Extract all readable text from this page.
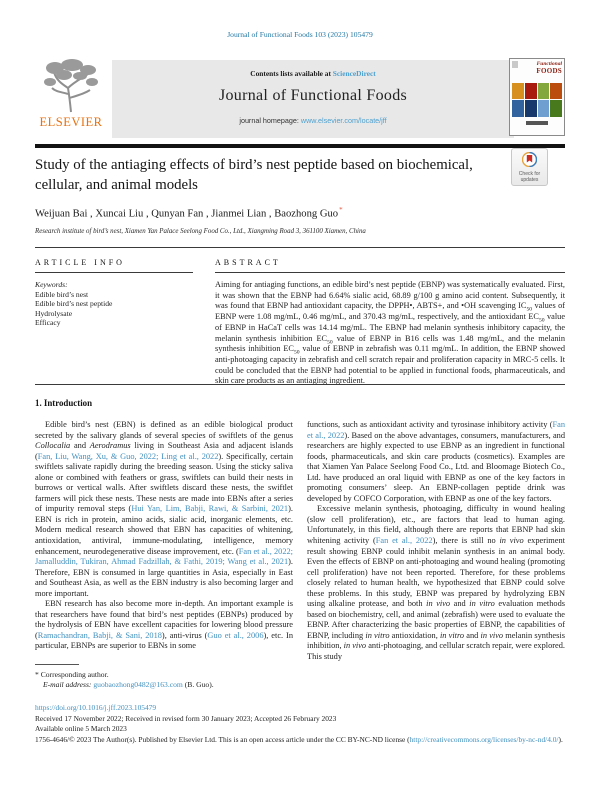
Journal of Functional Foods 103 (2023) 105479
ELSEVIER
Contents lists available at ScienceDirect
Journal of Functional Foods
journal homepage: www.elsevier.com/locate/jff
Functional
FOODS
Study of the antiaging effects of bird’s nest peptide based on biochemical, cellular, and animal models
Check for
updates
Weijuan Bai , Xuncai Liu , Qunyan Fan , Jianmei Lian , Baozhong Guo*
Research institute of bird’s nest, Xiamen Yan Palace Seelong Food Co., Ltd., Xiangming Road 3, 361100 Xiamen, China
ARTICLE INFO
Keywords:
Edible bird’s nest
Edible bird’s nest peptide
Hydrolysate
Efficacy
ABSTRACT
Aiming for antiaging functions, an edible bird’s nest peptide (EBNP) was systematically evaluated. First, it was shown that the EBNP had 6.64% sialic acid, 68.89 g/100 g amino acid content. Subsequently, it was found that EBNP had antioxidant capacity, the DPPH•, ABTS+, and •OH scavenging $IC_{50}$ values of EBNP were 1.08 mg/mL, 0.46 mg/mL, and 370.43 mg/mL, respectively, and the antioxidant $EC_{50}$ value of EBNP in HaCaT cells was 14.14 mg/mL. The EBNP had melanin synthesis inhibitory capacity, the melanin synthesis inhibition $EC_{50}$ value of EBNP in B16 cells was 1.48 mg/mL, and the melanin synthesis inhibition $EC_{50}$ value of EBNP in zebrafish was 0.11 mg/mL. In addition, the EBNP showed anti-photoaging capacity in zebrafish and cell scratch repair and proliferation capacity in MRC-5 cells. It could be concluded that the EBNP had potential to be applied in functional foods, pharmaceuticals, and skin care products as an antiaging ingredient.
1. Introduction

Edible bird’s nest (EBN) is defined as an edible biological product secreted by the salivary glands of several species of swiftlets of the genus Collocalia and Aerodramus living in Southeast Asia and adjacent islands (Fan, Liu, Wang, Xu, & Guo, 2022; Ling et al., 2022). Specifically, certain swiftlets salivate rapidly during the breeding season. Using the sticky saliva alone or combined with feathers or grass, swiftlets can build their nests in burrows or vertical walls. After swiftlets discard these nests, the swiftlet farmers will pick these nests. These nests are made into EBNs after a series of impurity removal steps (Hui Yan, Lim, Babji, Rawi, & Sarbini, 2021). EBN is rich in protein, amino acids, sialic acid, inorganic elements, etc. Modern medical research showed that EBN has capacities of whitening, antioxidation, antiviral, immune-modulating, intelligence, memory enhancement, neurodegenerative disease improvement, etc. (Fan et al., 2022; Jamalluddin, Tukiran, Ahmad Fadzillah, & Fathi, 2019; Wang et al., 2021). Therefore, EBN is consumed in large quantities in Asia, especially in East and Southeast Asia, as well as the EBN industry is also becoming larger and more important.

EBN research has also become more in-depth. An important example is that researchers have found that bird’s nest peptides (EBNPs) produced by the hydrolysis of EBN have excellent capacities for lowering blood pressure (Ramachandran, Babji, & Sani, 2018), anti-virus (Guo et al., 2006), etc. In particular, EBNPs are superior to EBNs in some

functions, such as antioxidant activity and tyrosinase inhibitory activity (Fan et al., 2022). Based on the above advantages, consumers, manufacturers, and researchers are highly expected to use EBNP as an ingredient in functional foods, pharmaceuticals, and skin care products (cosmetics). Examples are that Xiamen Yan Palace Seelong Food Co., Ltd. and Bloomage Biotech Co., Ltd. have produced an oral liquid with EBNP as one of the key factors in promoting consumers’ sleep. An EBNP-collagen peptide drink was developed by COFCO Corporation, with EBNP as one of the key factors.

Excessive melanin synthesis, photoaging, difficulty in wound healing (slow cell proliferation), etc., are factors that lead to human aging. Unfortunately, in this field, although there are reports that EBNP had skin whitening activity (Fan et al., 2022), there is still no in vivo experiment result showing EBNP could inhibit melanin synthesis in an animal body. Even the effects of EBNP on anti-photoaging and wound healing (promoting cell proliferation) have not been reported. Therefore, for these problems closely related to human health, we hypothesized that EBNP could solve these problems. In this study, EBNP was prepared by hydrolyzing EBN using alkaline protease, and both in vivo and in vitro evaluation methods based on biochemistry, cell, and animal (zebrafish) were used to evaluate the EBNP. After characterizing the basic properties of EBNP, the capabilities of EBNP, including in vitro antioxidation, in vitro and in vivo melanin synthesis inhibition, in vivo anti-photoaging, and cellular scratch repair, were explored. This study

* Corresponding author.
E-mail address: guobaozhong0482@163.com (B. Guo).
https://doi.org/10.1016/j.jff.2023.105479
Received 17 November 2022; Received in revised form 30 January 2023; Accepted 26 February 2023
Available online 5 March 2023
1756-4646/© 2023 The Author(s). Published by Elsevier Ltd. This is an open access article under the CC BY-NC-ND license (http://creativecommons.org/licenses/by-nc-nd/4.0/).
